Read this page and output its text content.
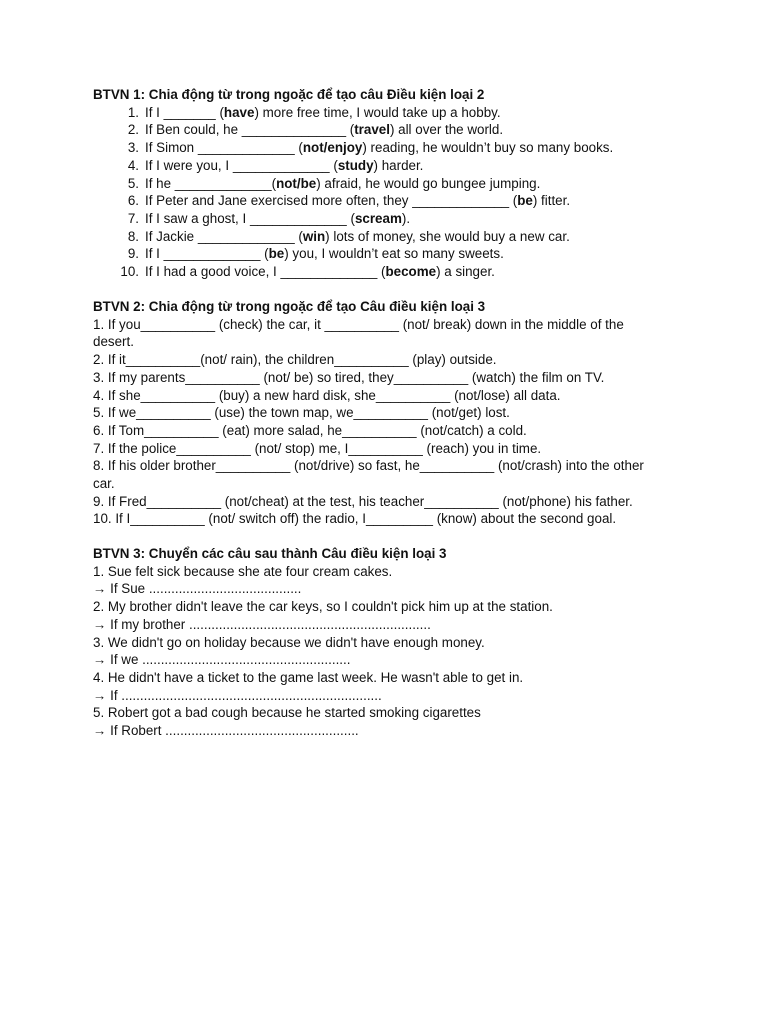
BTVN 1: Chia động từ trong ngoặc để tạo câu Điều kiện loại 2

1. If I _______ (have) more free time, I would take up a hobby.
2. If Ben could, he ______________ (travel) all over the world.
3. If Simon _____________ (not/enjoy) reading, he wouldn’t buy so many books.
4. If I were you, I _____________ (study) harder.
5. If he _____________(not/be) afraid, he would go bungee jumping.
6. If Peter and Jane exercised more often, they _____________ (be) fitter.
7. If I saw a ghost, I _____________ (scream).
8. If Jackie _____________ (win) lots of money, she would buy a new car.
9. If I _____________ (be) you, I wouldn’t eat so many sweets.
10. If I had a good voice, I _____________ (become) a singer.

BTVN 2: Chia động từ trong ngoặc để tạo Câu điều kiện loại 3

1. If you__________ (check) the car, it __________ (not/ break) down in the middle of the

desert.

2. If it__________(not/ rain), the children__________ (play) outside.

3. If my parents__________ (not/ be) so tired, they__________ (watch) the film on TV.

4. If she__________ (buy) a new hard disk, she__________ (not/lose) all data.

5. If we__________ (use) the town map, we__________ (not/get) lost.

6. If Tom__________ (eat) more salad, he__________ (not/catch) a cold.

7. If the police__________ (not/ stop) me, I__________ (reach) you in time.

8. If his older brother__________ (not/drive) so fast, he__________ (not/crash) into the other

car.

9. If Fred__________ (not/cheat) at the test, his teacher__________ (not/phone) his father.

10. If I__________ (not/ switch off) the radio, I_________ (know) about the second goal.

BTVN 3: Chuyển các câu sau thành Câu điều kiện loại 3

1. Sue felt sick because she ate four cream cakes.

→ If Sue .........................................

2. My brother didn't leave the car keys, so I couldn't pick him up at the station.

→ If my brother .................................................................

3. We didn't go on holiday because we didn't have enough money.

→ If we ........................................................

4. He didn't have a ticket to the game last week. He wasn't able to get in.

→ If ......................................................................

5. Robert got a bad cough because he started smoking cigarettes

→ If Robert ....................................................
